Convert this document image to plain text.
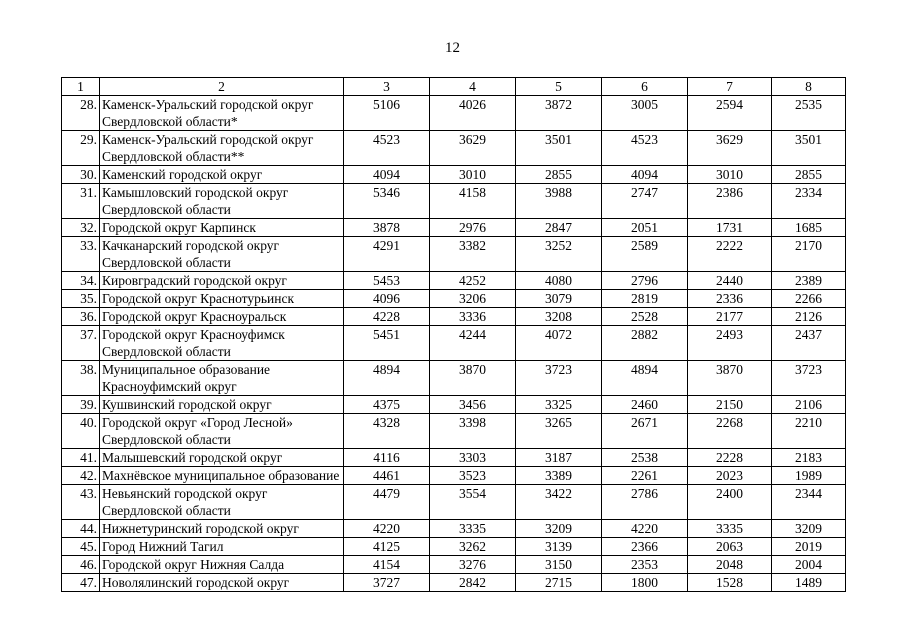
12
1	2	3	4	5	6	7	8
28.	Каменск-Уральский городской округ Свердловской области*	5106	4026	3872	3005	2594	2535
29.	Каменск-Уральский городской округ Свердловской области**	4523	3629	3501	4523	3629	3501
30.	Каменский городской округ	4094	3010	2855	4094	3010	2855
31.	Камышловский городской округ Свердловской области	5346	4158	3988	2747	2386	2334
32.	Городской округ Карпинск	3878	2976	2847	2051	1731	1685
33.	Качканарский городской округ Свердловской области	4291	3382	3252	2589	2222	2170
34.	Кировградский городской округ	5453	4252	4080	2796	2440	2389
35.	Городской округ Краснотурьинск	4096	3206	3079	2819	2336	2266
36.	Городской округ Красноуральск	4228	3336	3208	2528	2177	2126
37.	Городской округ Красноуфимск Свердловской области	5451	4244	4072	2882	2493	2437
38.	Муниципальное образование Красноуфимский округ	4894	3870	3723	4894	3870	3723
39.	Кушвинский городской округ	4375	3456	3325	2460	2150	2106
40.	Городской округ «Город Лесной» Свердловской области	4328	3398	3265	2671	2268	2210
41.	Малышевский городской округ	4116	3303	3187	2538	2228	2183
42.	Махнёвское муниципальное образование	4461	3523	3389	2261	2023	1989
43.	Невьянский городской округ Свердловской области	4479	3554	3422	2786	2400	2344
44.	Нижнетуринский городской округ	4220	3335	3209	4220	3335	3209
45.	Город Нижний Тагил	4125	3262	3139	2366	2063	2019
46.	Городской округ Нижняя Салда	4154	3276	3150	2353	2048	2004
47.	Новолялинский городской округ	3727	2842	2715	1800	1528	1489
